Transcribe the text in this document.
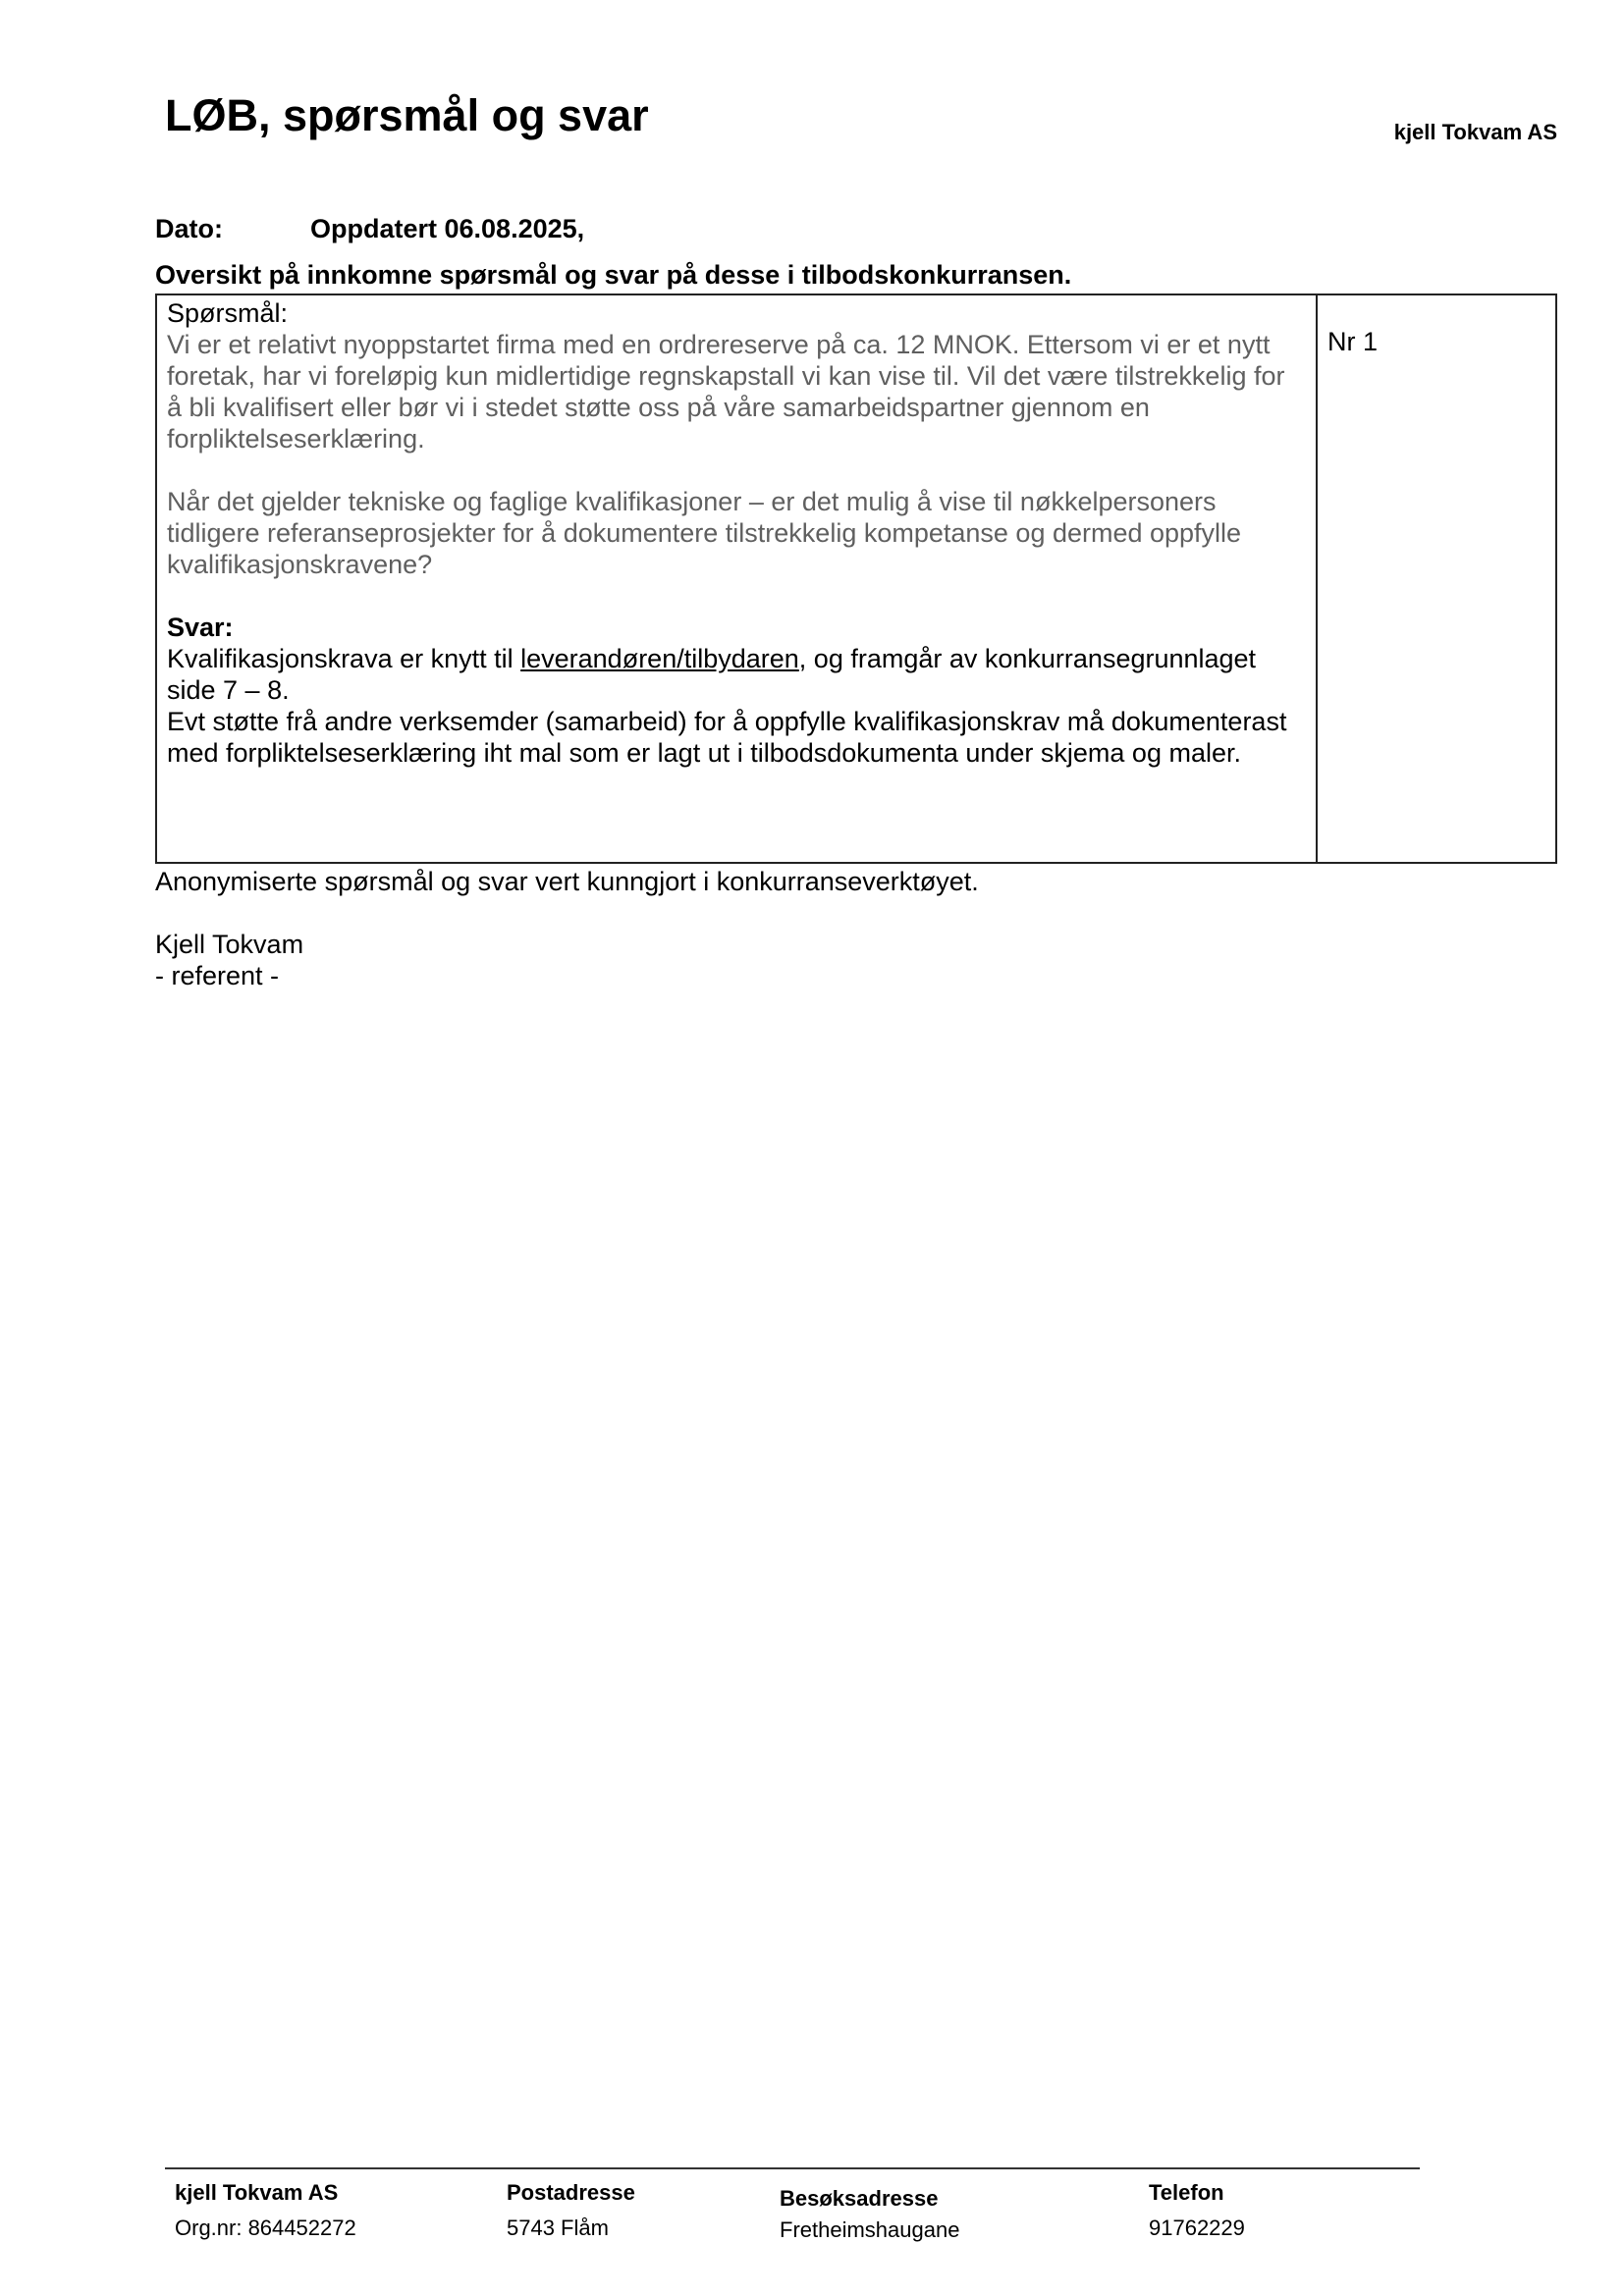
LØB, spørsmål og svar	kjell Tokvam AS
Dato:	Oppdatert 06.08.2025,
Oversikt på innkomne spørsmål og svar på desse i tilbodskonkurransen.
Spørsmål:

Vi er et relativt nyoppstartet firma med en ordrereserve på ca. 12 MNOK. Ettersom vi er et nytt foretak, har vi foreløpig kun midlertidige regnskapstall vi kan vise til. Vil det være tilstrekkelig for å bli kvalifisert eller bør vi i stedet støtte oss på våre samarbeidspartner gjennom en forpliktelseserklæring.

Når det gjelder tekniske og faglige kvalifikasjoner – er det mulig å vise til nøkkelpersoners tidligere referanseprosjekter for å dokumentere tilstrekkelig kompetanse og dermed oppfylle kvalifikasjonskravene?

Svar:

Kvalifikasjonskrava er knytt til leverandøren/tilbydaren, og framgår av konkurransegrunnlaget side 7 – 8.

Evt støtte frå andre verksemder (samarbeid) for å oppfylle kvalifikasjonskrav må dokumenterast med forpliktelseserklæring iht mal som er lagt ut i tilbodsdokumenta under skjema og maler.

Nr 1
Anonymiserte spørsmål og svar vert kunngjort i konkurranseverktøyet.
Kjell Tokvam
- referent -
kjell Tokvam AS
Org.nr: 864452272
Postadresse
5743 Flåm
Besøksadresse
Fretheimshaugane
Telefon
91762229
